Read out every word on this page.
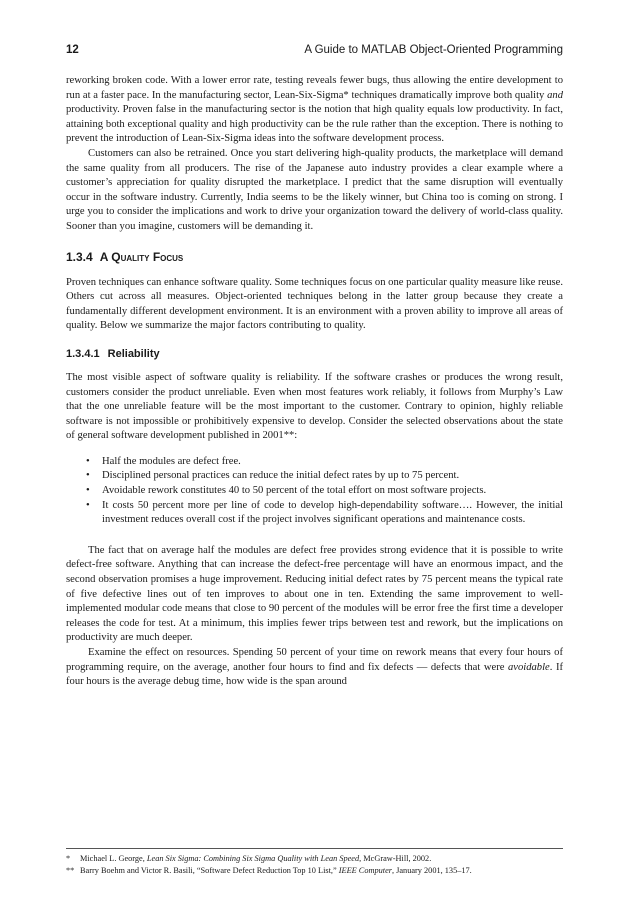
12	A Guide to MATLAB Object-Oriented Programming

reworking broken code. With a lower error rate, testing reveals fewer bugs, thus allowing the entire development to run at a faster pace. In the manufacturing sector, Lean-Six-Sigma* techniques dramatically improve both quality and productivity. Proven false in the manufacturing sector is the notion that high quality equals low productivity. In fact, attaining both exceptional quality and high productivity can be the rule rather than the exception. There is nothing to prevent the introduction of Lean-Six-Sigma ideas into the software development process.

Customers can also be retrained. Once you start delivering high-quality products, the marketplace will demand the same quality from all producers. The rise of the Japanese auto industry provides a clear example where a customer’s appreciation for quality disrupted the marketplace. I predict that the same disruption will eventually occur in the software industry. Currently, India seems to be the likely winner, but China too is coming on strong. I urge you to consider the implications and work to drive your organization toward the delivery of world-class quality. Sooner than you imagine, customers will be demanding it.

1.3.4 A Quality Focus

Proven techniques can enhance software quality. Some techniques focus on one particular quality measure like reuse. Others cut across all measures. Object-oriented techniques belong in the latter group because they create a fundamentally different development environment. It is an environment with a proven ability to improve all areas of quality. Below we summarize the major factors contributing to quality.

1.3.4.1 Reliability

The most visible aspect of software quality is reliability. If the software crashes or produces the wrong result, customers consider the product unreliable. Even when most features work reliably, it follows from Murphy’s Law that the one unreliable feature will be the most important to the customer. Contrary to opinion, highly reliable software is not impossible or prohibitively expensive to develop. Consider the selected observations about the state of general software development published in 2001**:

• Half the modules are defect free.
• Disciplined personal practices can reduce the initial defect rates by up to 75 percent.
• Avoidable rework constitutes 40 to 50 percent of the total effort on most software projects.
• It costs 50 percent more per line of code to develop high-dependability software…. However, the initial investment reduces overall cost if the project involves significant operations and maintenance costs.

The fact that on average half the modules are defect free provides strong evidence that it is possible to write defect-free software. Anything that can increase the defect-free percentage will have an enormous impact, and the second observation promises a huge improvement. Reducing initial defect rates by 75 percent means the typical rate of five defective lines out of ten improves to about one in ten. Extending the same improvement to well-implemented modular code means that close to 90 percent of the modules will be error free the first time a developer releases the code for test. At a minimum, this implies fewer trips between test and rework, but the implications on productivity are much deeper.

Examine the effect on resources. Spending 50 percent of your time on rework means that every four hours of programming require, on the average, another four hours to find and fix defects — defects that were avoidable. If four hours is the average debug time, how wide is the span around

* Michael L. George, Lean Six Sigma: Combining Six Sigma Quality with Lean Speed, McGraw-Hill, 2002.
** Barry Boehm and Victor R. Basili, “Software Defect Reduction Top 10 List,” IEEE Computer, January 2001, 135–17.
